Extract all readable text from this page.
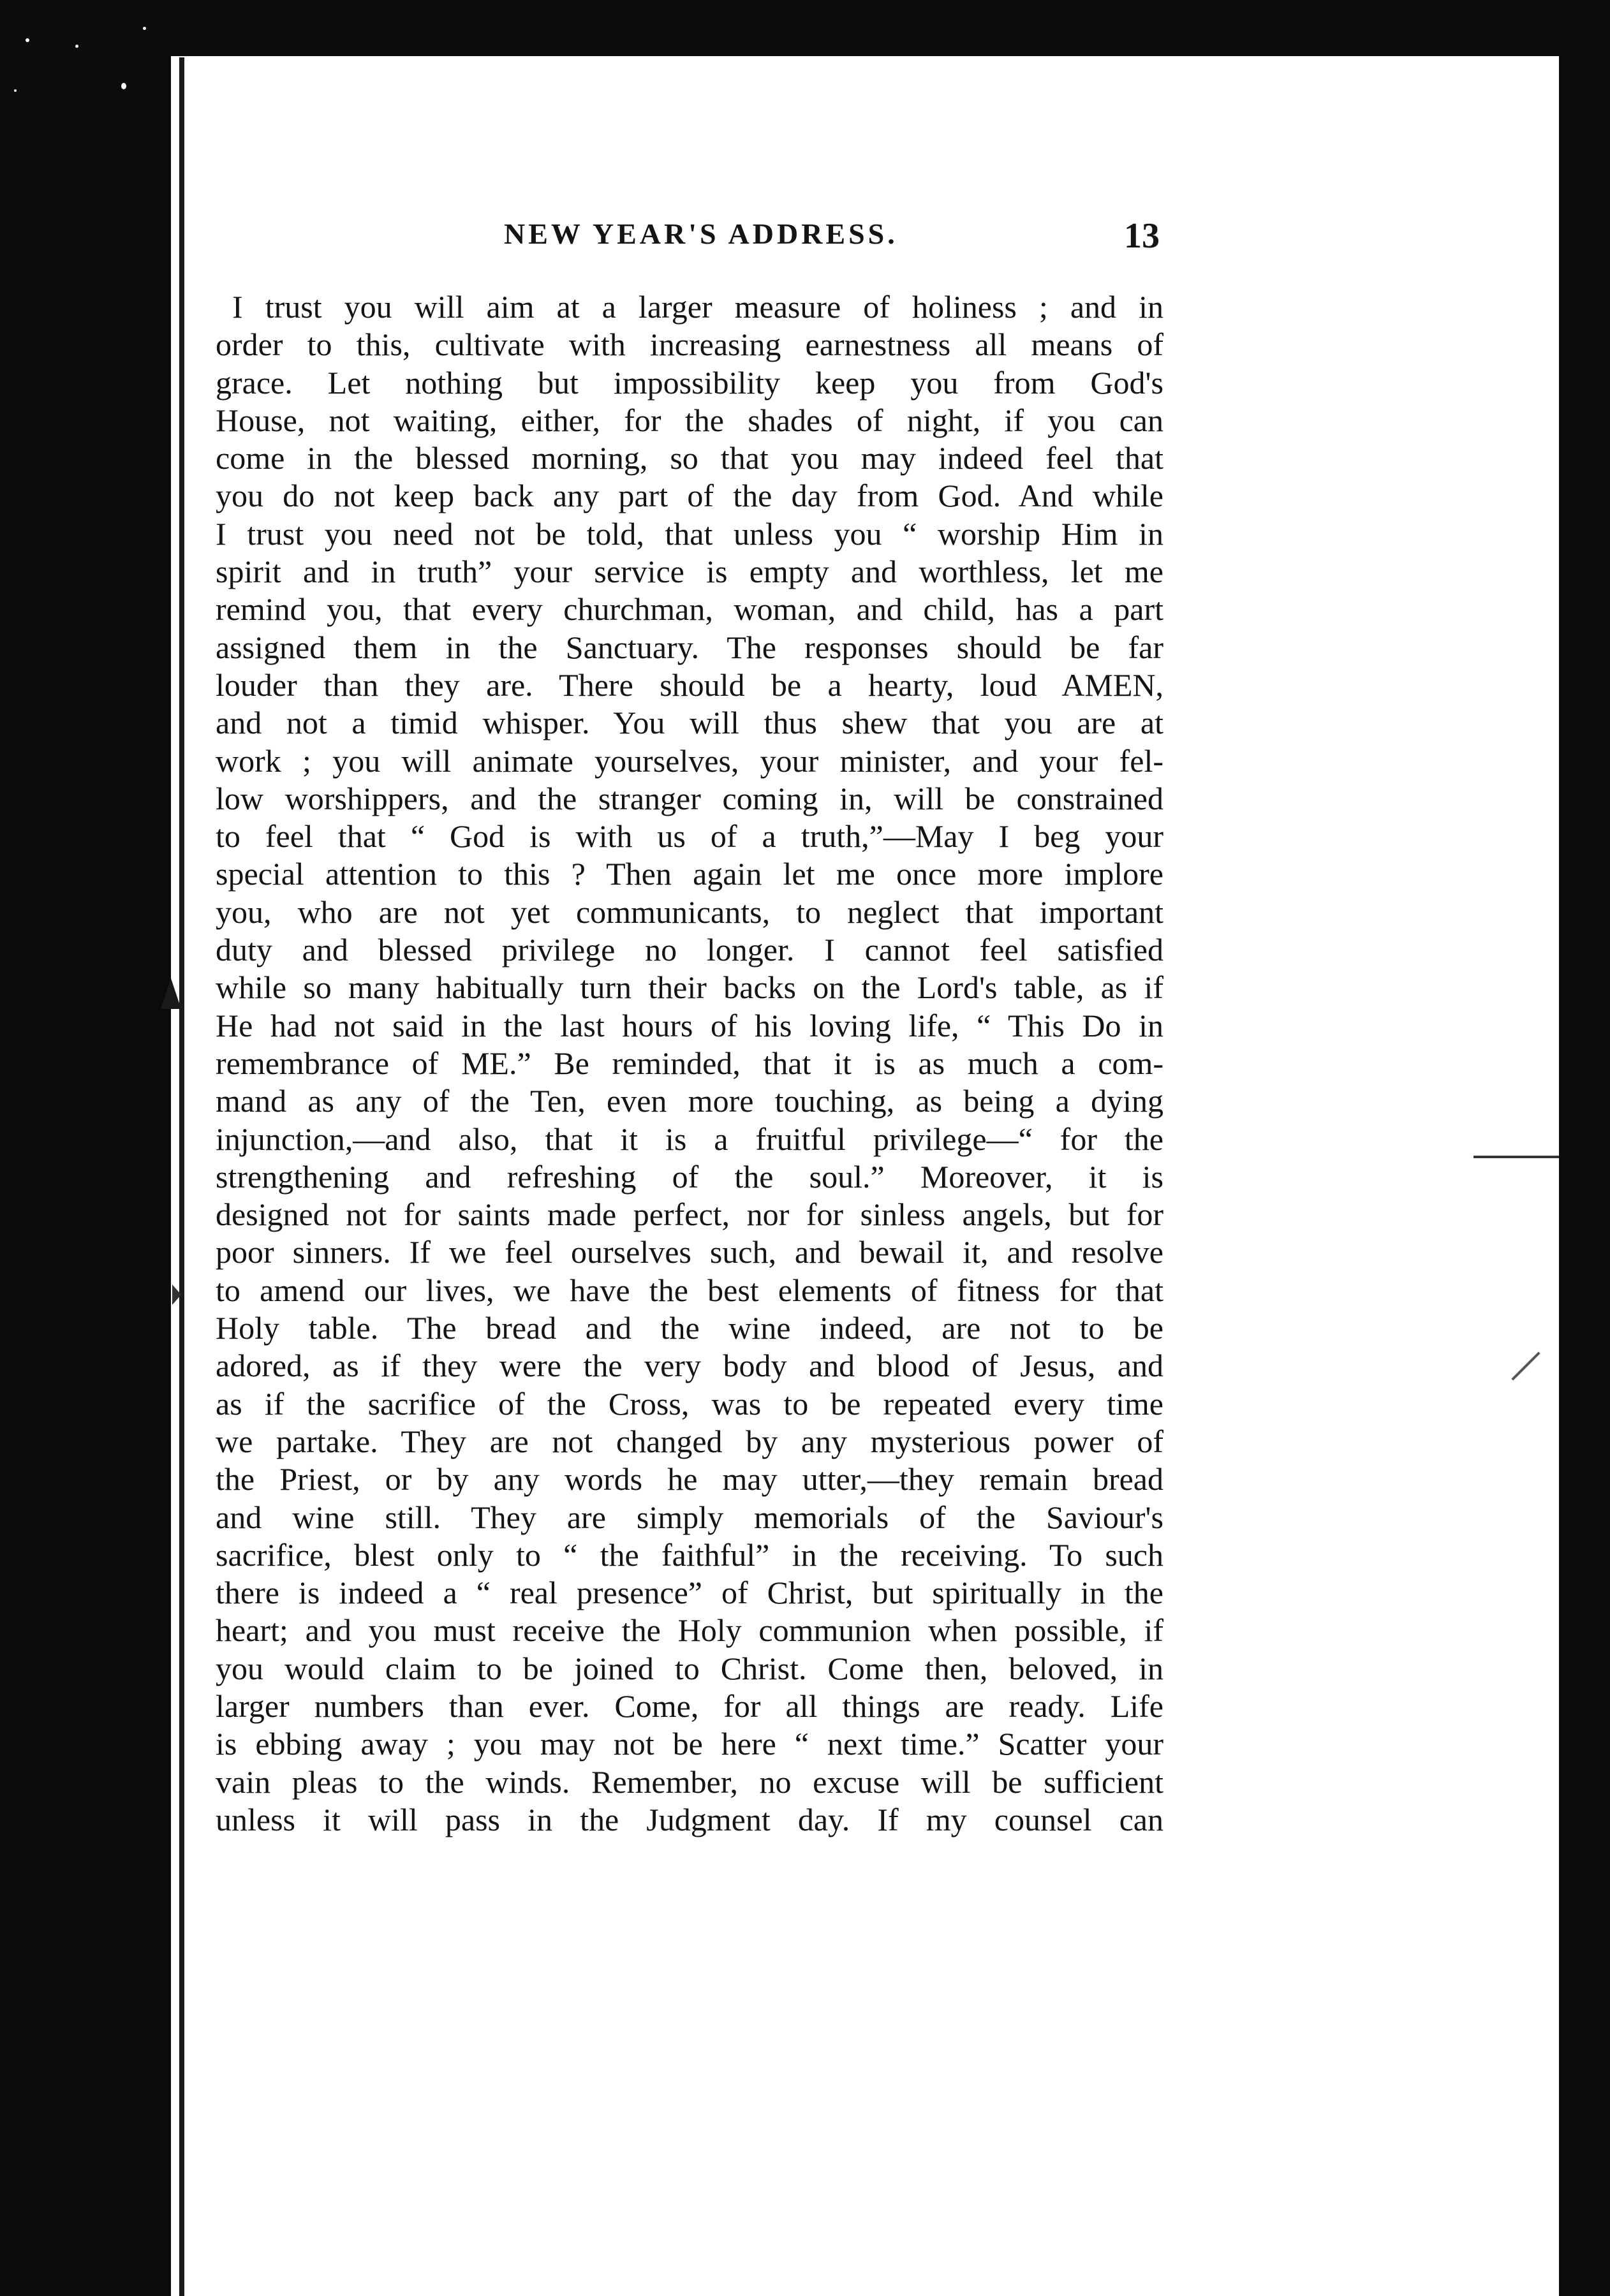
NEW YEAR'S ADDRESS.	13
I trust you will aim at a larger measure of holiness ; and in
order to this, cultivate with increasing earnestness all means of
grace. Let nothing but impossibility keep you from God's
House, not waiting, either, for the shades of night, if you can
come in the blessed morning, so that you may indeed feel that
you do not keep back any part of the day from God. And while
I trust you need not be told, that unless you “ worship Him in
spirit and in truth” your service is empty and worthless, let me
remind you, that every churchman, woman, and child, has a part
assigned them in the Sanctuary. The responses should be far
louder than they are. There should be a hearty, loud AMEN,
and not a timid whisper. You will thus shew that you are at
work ; you will animate yourselves, your minister, and your fel-
low worshippers, and the stranger coming in, will be constrained
to feel that “ God is with us of a truth,”—May I beg your
special attention to this ? Then again let me once more implore
you, who are not yet communicants, to neglect that important
duty and blessed privilege no longer. I cannot feel satisfied
while so many habitually turn their backs on the Lord's table, as if
He had not said in the last hours of his loving life, “ This Do in
remembrance of ME.” Be reminded, that it is as much a com-
mand as any of the Ten, even more touching, as being a dying
injunction,—and also, that it is a fruitful privilege—“ for the
strengthening and refreshing of the soul.” Moreover, it is
designed not for saints made perfect, nor for sinless angels, but for
poor sinners. If we feel ourselves such, and bewail it, and resolve
to amend our lives, we have the best elements of fitness for that
Holy table. The bread and the wine indeed, are not to be
adored, as if they were the very body and blood of Jesus, and
as if the sacrifice of the Cross, was to be repeated every time
we partake. They are not changed by any mysterious power of
the Priest, or by any words he may utter,—they remain bread
and wine still. They are simply memorials of the Saviour's
sacrifice, blest only to “ the faithful” in the receiving. To such
there is indeed a “ real presence” of Christ, but spiritually in the
heart; and you must receive the Holy communion when possible, if
you would claim to be joined to Christ. Come then, beloved, in
larger numbers than ever. Come, for all things are ready. Life
is ebbing away ; you may not be here “ next time.” Scatter your
vain pleas to the winds. Remember, no excuse will be sufficient
unless it will pass in the Judgment day. If my counsel can
